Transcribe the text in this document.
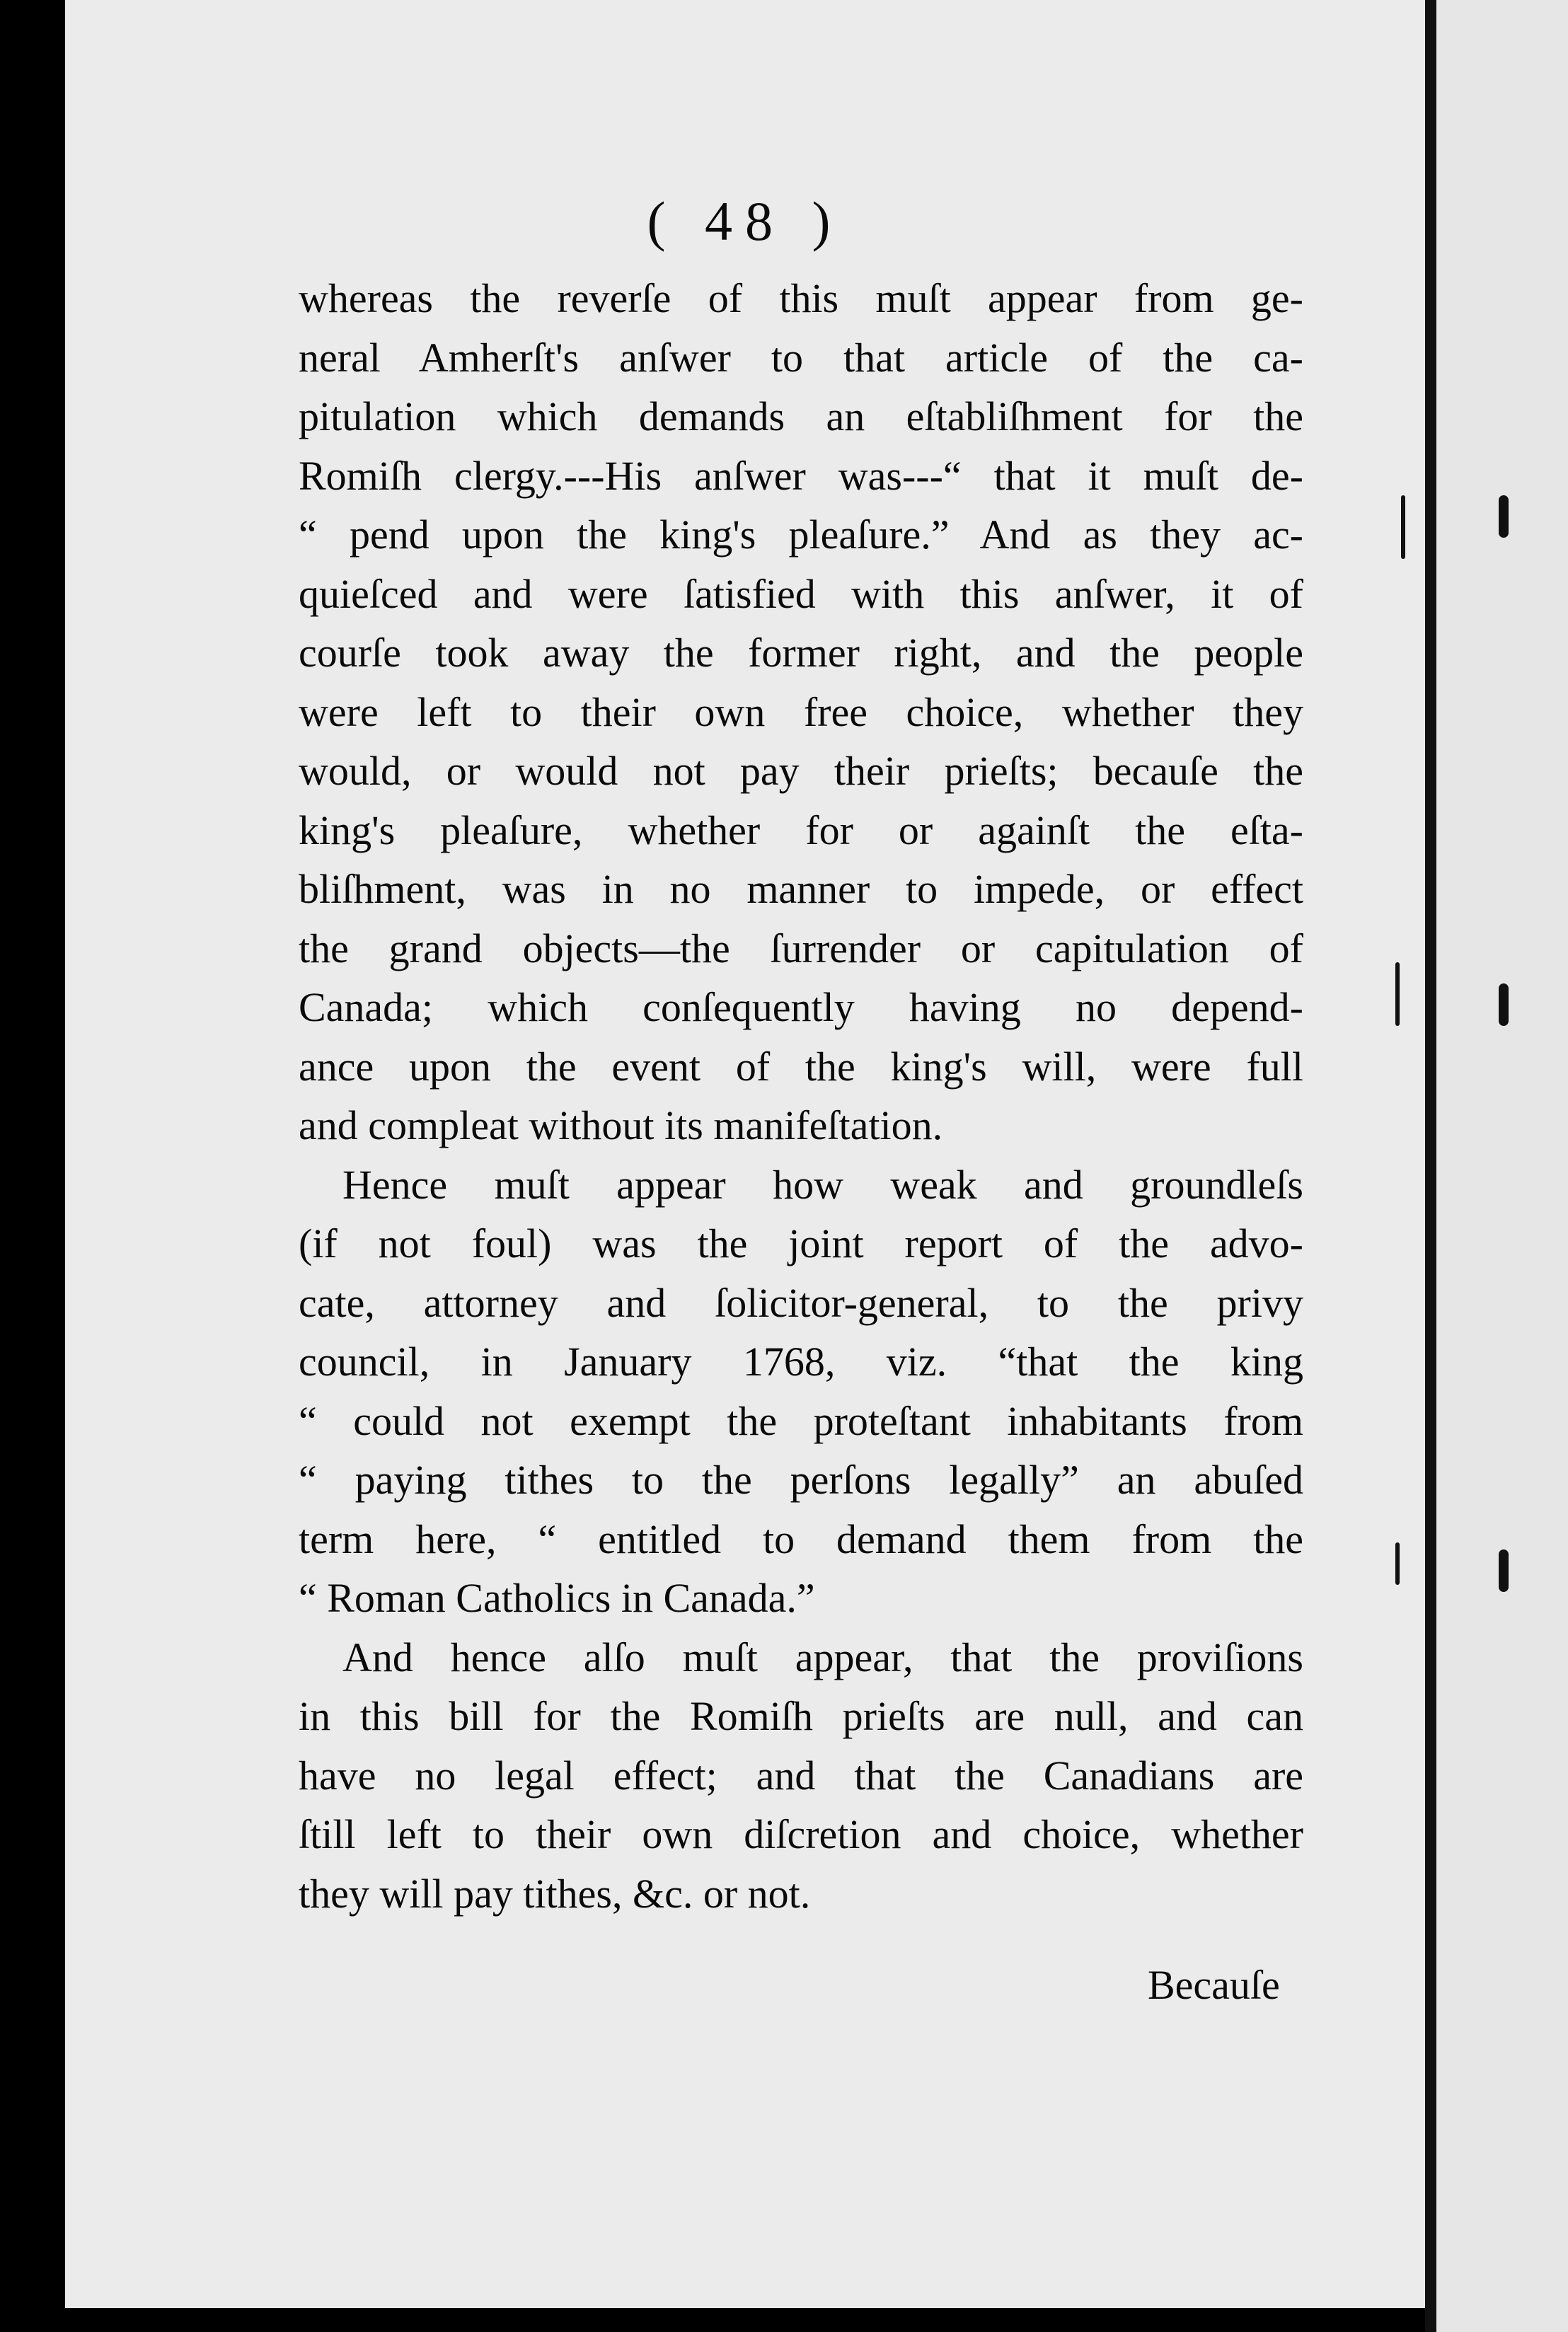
( 48 )

whereas the reverſe of this muſt appear from ge-
neral Amherſt's anſwer to that article of the ca-
pitulation which demands an eſtabliſhment for the
Romiſh clergy.---His anſwer was---“ that it muſt de-
“ pend upon the king's pleaſure.” And as they ac-
quieſced and were ſatisfied with this anſwer, it of
courſe took away the former right, and the people
were left to their own free choice, whether they
would, or would not pay their prieſts; becauſe the
king's pleaſure, whether for or againſt the eſta-
bliſhment, was in no manner to impede, or effect
the grand objects—the ſurrender or capitulation of
Canada; which conſequently having no depend-
ance upon the event of the king's will, were full
and compleat without its manifeſtation.

Hence muſt appear how weak and groundleſs
(if not foul) was the joint report of the advo-
cate, attorney and ſolicitor-general, to the privy
council, in January 1768, viz. “that the king
“ could not exempt the proteſtant inhabitants from
“ paying tithes to the perſons legally” an abuſed
term here, “ entitled to demand them from the
“ Roman Catholics in Canada.”

And hence alſo muſt appear, that the proviſions
in this bill for the Romiſh prieſts are null, and can
have no legal effect; and that the Canadians are
ſtill left to their own diſcretion and choice, whether
they will pay tithes, &c. or not.

Becauſe
